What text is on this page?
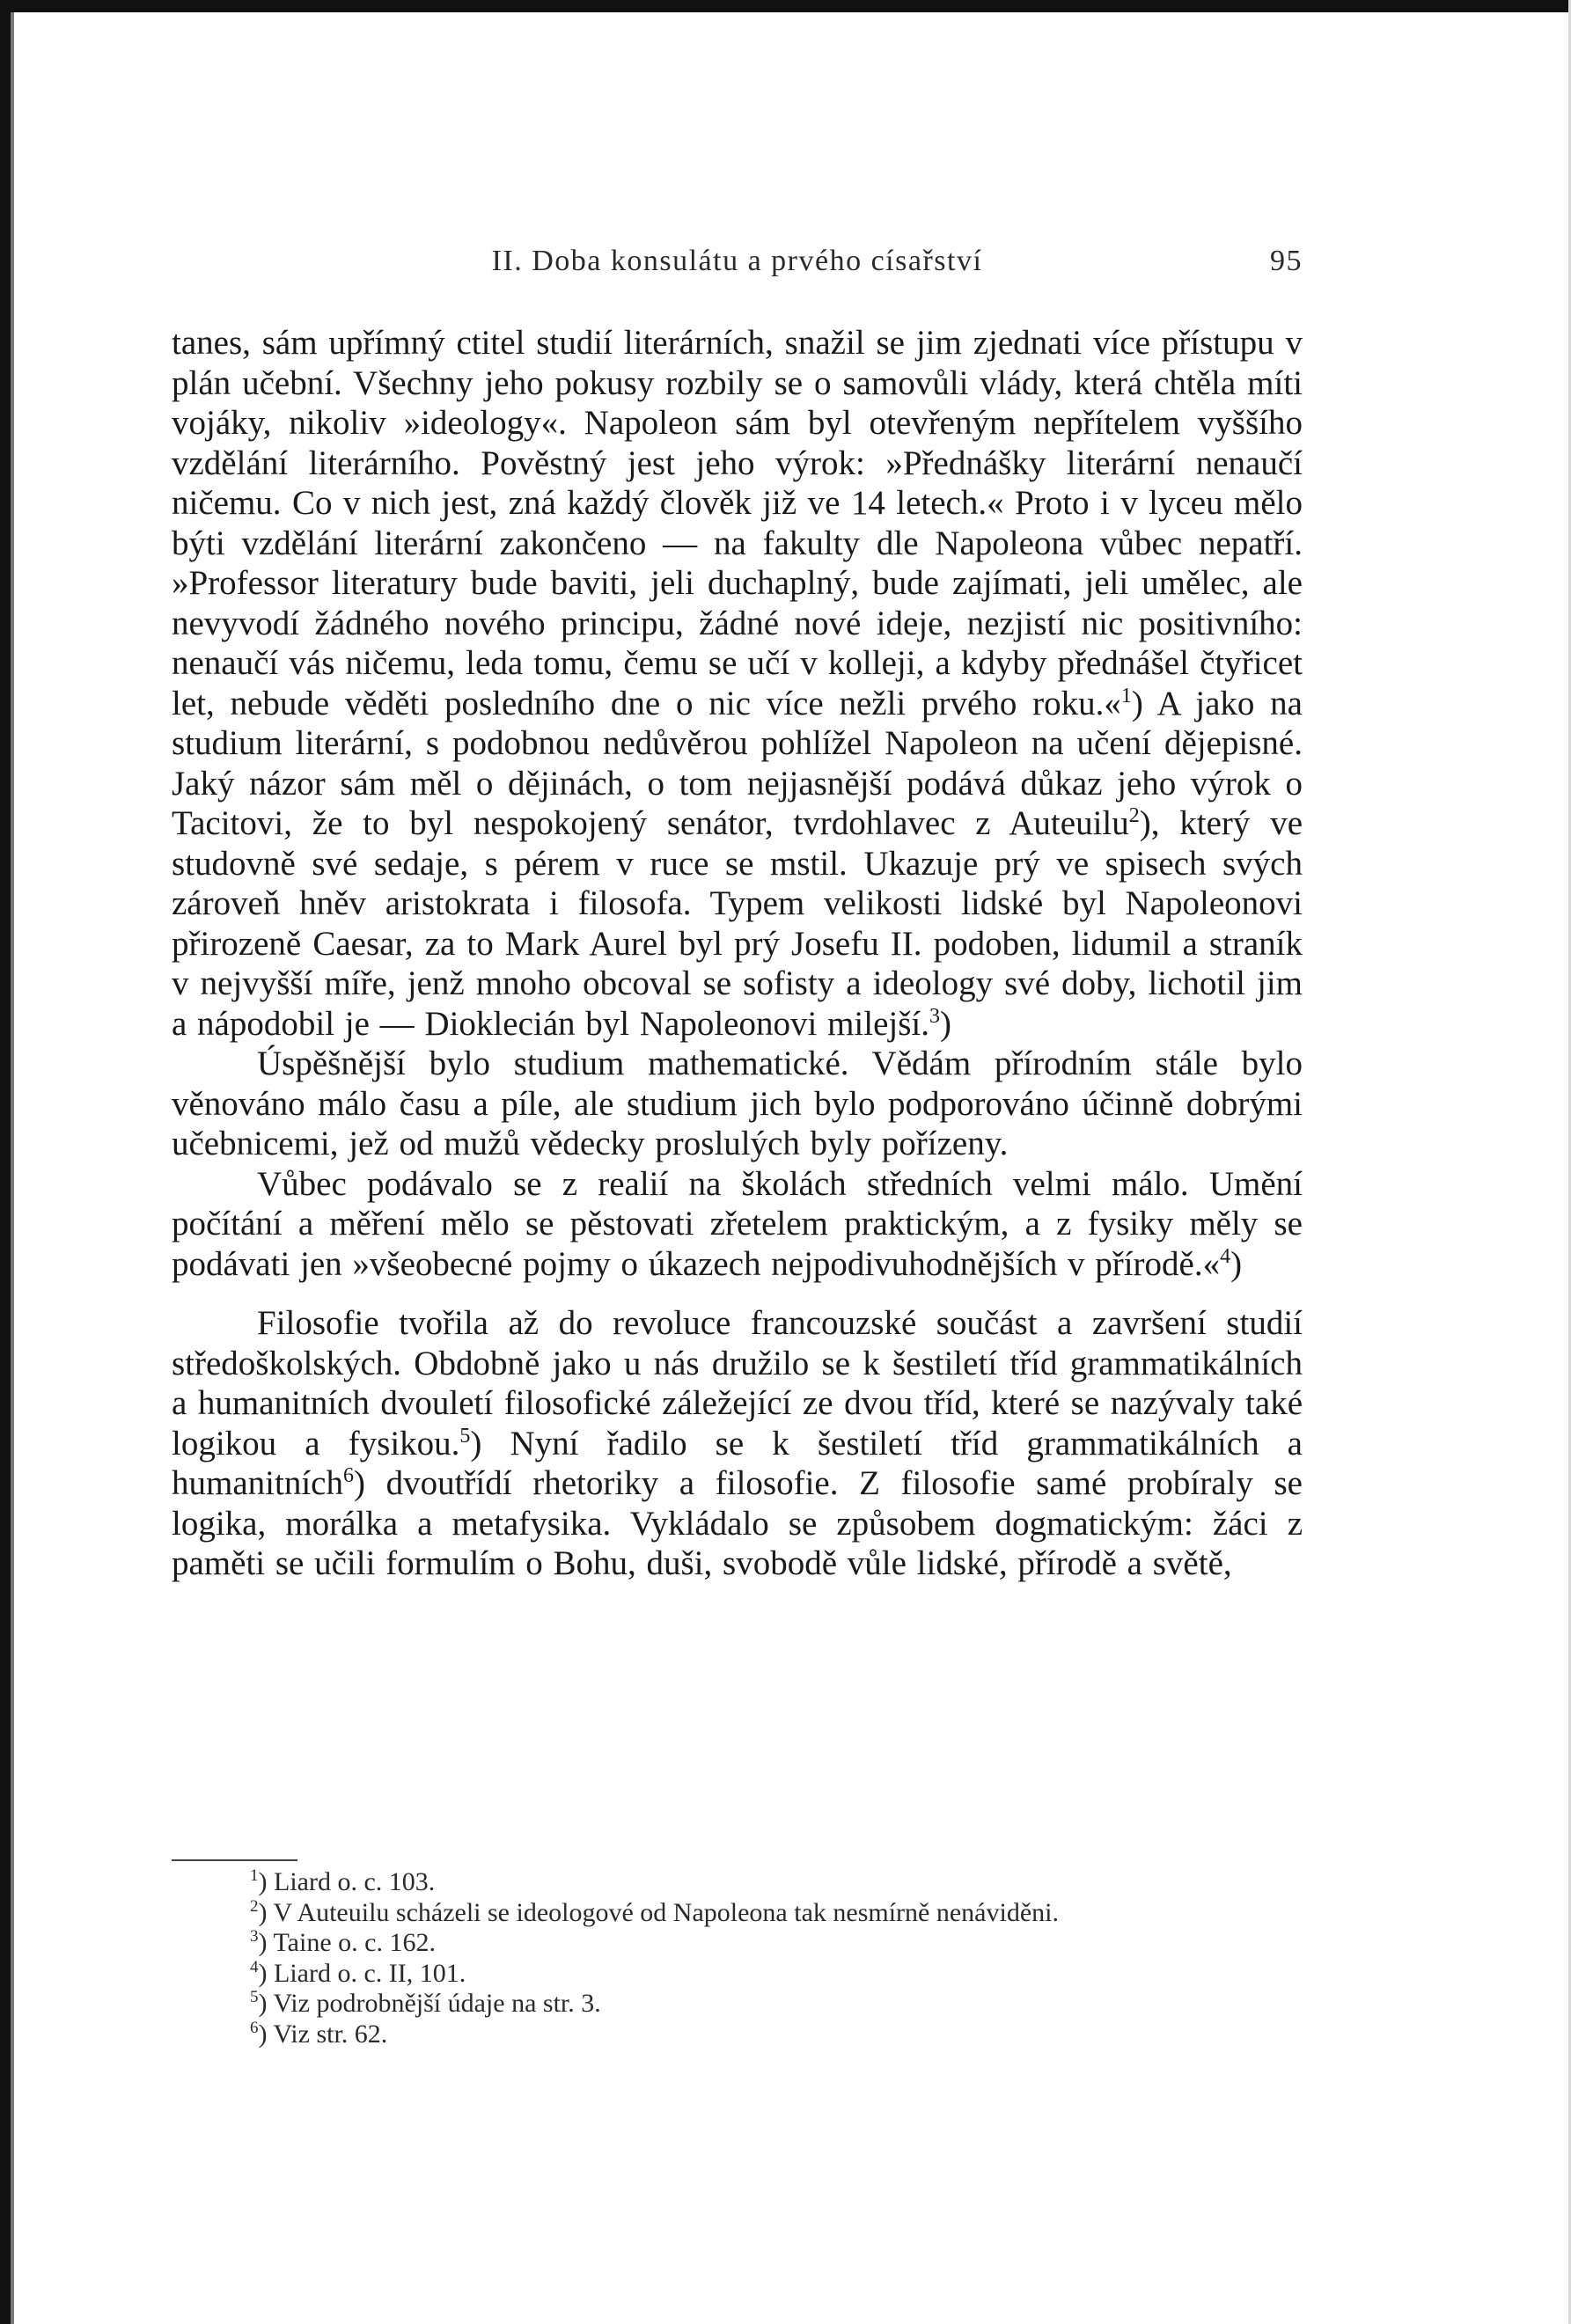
II. Doba konsulátu a prvého císařství	95

tanes, sám upřímný ctitel studií literárních, snažil se jim zjednati více přístupu v plán učební. Všechny jeho pokusy rozbily se o samovůli vlády, která chtěla míti vojáky, nikoliv »ideology«. Napoleon sám byl otevřeným nepřítelem vyššího vzdělání literárního. Pověstný jest jeho výrok: »Přednášky literární nenaučí ničemu. Co v nich jest, zná každý člověk již ve 14 letech.« Proto i v lyceu mělo býti vzdělání literární zakončeno — na fakulty dle Napoleona vůbec nepatří. »Professor literatury bude baviti, jeli duchaplný, bude zajímati, jeli umělec, ale nevyvodí žádného nového principu, žádné nové ideje, nezjistí nic positivního: nenaučí vás ničemu, leda tomu, čemu se učí v kolleji, a kdyby přednášel čtyřicet let, nebude věděti posledního dne o nic více nežli prvého roku.«$^1$) A jako na studium literární, s podobnou nedůvěrou pohlížel Napoleon na učení dějepisné. Jaký názor sám měl o dějinách, o tom nejjasnější podává důkaz jeho výrok o Tacitovi, že to byl nespokojený senátor, tvrdohlavec z Auteuilu$^2$), který ve studovně své sedaje, s pérem v ruce se mstil. Ukazuje prý ve spisech svých zároveň hněv aristokrata i filosofa. Typem velikosti lidské byl Napoleonovi přirozeně Caesar, za to Mark Aurel byl prý Josefu II. podoben, lidumil a straník v nejvyšší míře, jenž mnoho obcoval se sofisty a ideology své doby, lichotil jim a nápodobil je — Dioklecián byl Napoleonovi milejší.$^3$)

Úspěšnější bylo studium mathematické. Vědám přírodním stále bylo věnováno málo času a píle, ale studium jich bylo podporováno účinně dobrými učebnicemi, jež od mužů vědecky proslulých byly pořízeny.

Vůbec podávalo se z realií na školách středních velmi málo. Umění počítání a měření mělo se pěstovati zřetelem praktickým, a z fysiky měly se podávati jen »všeobecné pojmy o úkazech nejpodivuhodnějších v přírodě.«$^4$)

Filosofie tvořila až do revoluce francouzské součást a završení studií středoškolských. Obdobně jako u nás družilo se k šestiletí tříd grammatikálních a humanitních dvouletí filosofické záležející ze dvou tříd, které se nazývaly také logikou a fysikou.$^5$) Nyní řadilo se k šestiletí tříd grammatikálních a humanitních$^6$) dvoutřídí rhetoriky a filosofie. Z filosofie samé probíraly se logika, morálka a metafysika. Vykládalo se způsobem dogmatickým: žáci z paměti se učili formulím o Bohu, duši, svobodě vůle lidské, přírodě a světě,

$^1$) Liard o. c. 103.
$^2$) V Auteuilu scházeli se ideologové od Napoleona tak nesmírně nenáviděni.
$^3$) Taine o. c. 162.
$^4$) Liard o. c. II, 101.
$^5$) Viz podrobnější údaje na str. 3.
$^6$) Viz str. 62.
